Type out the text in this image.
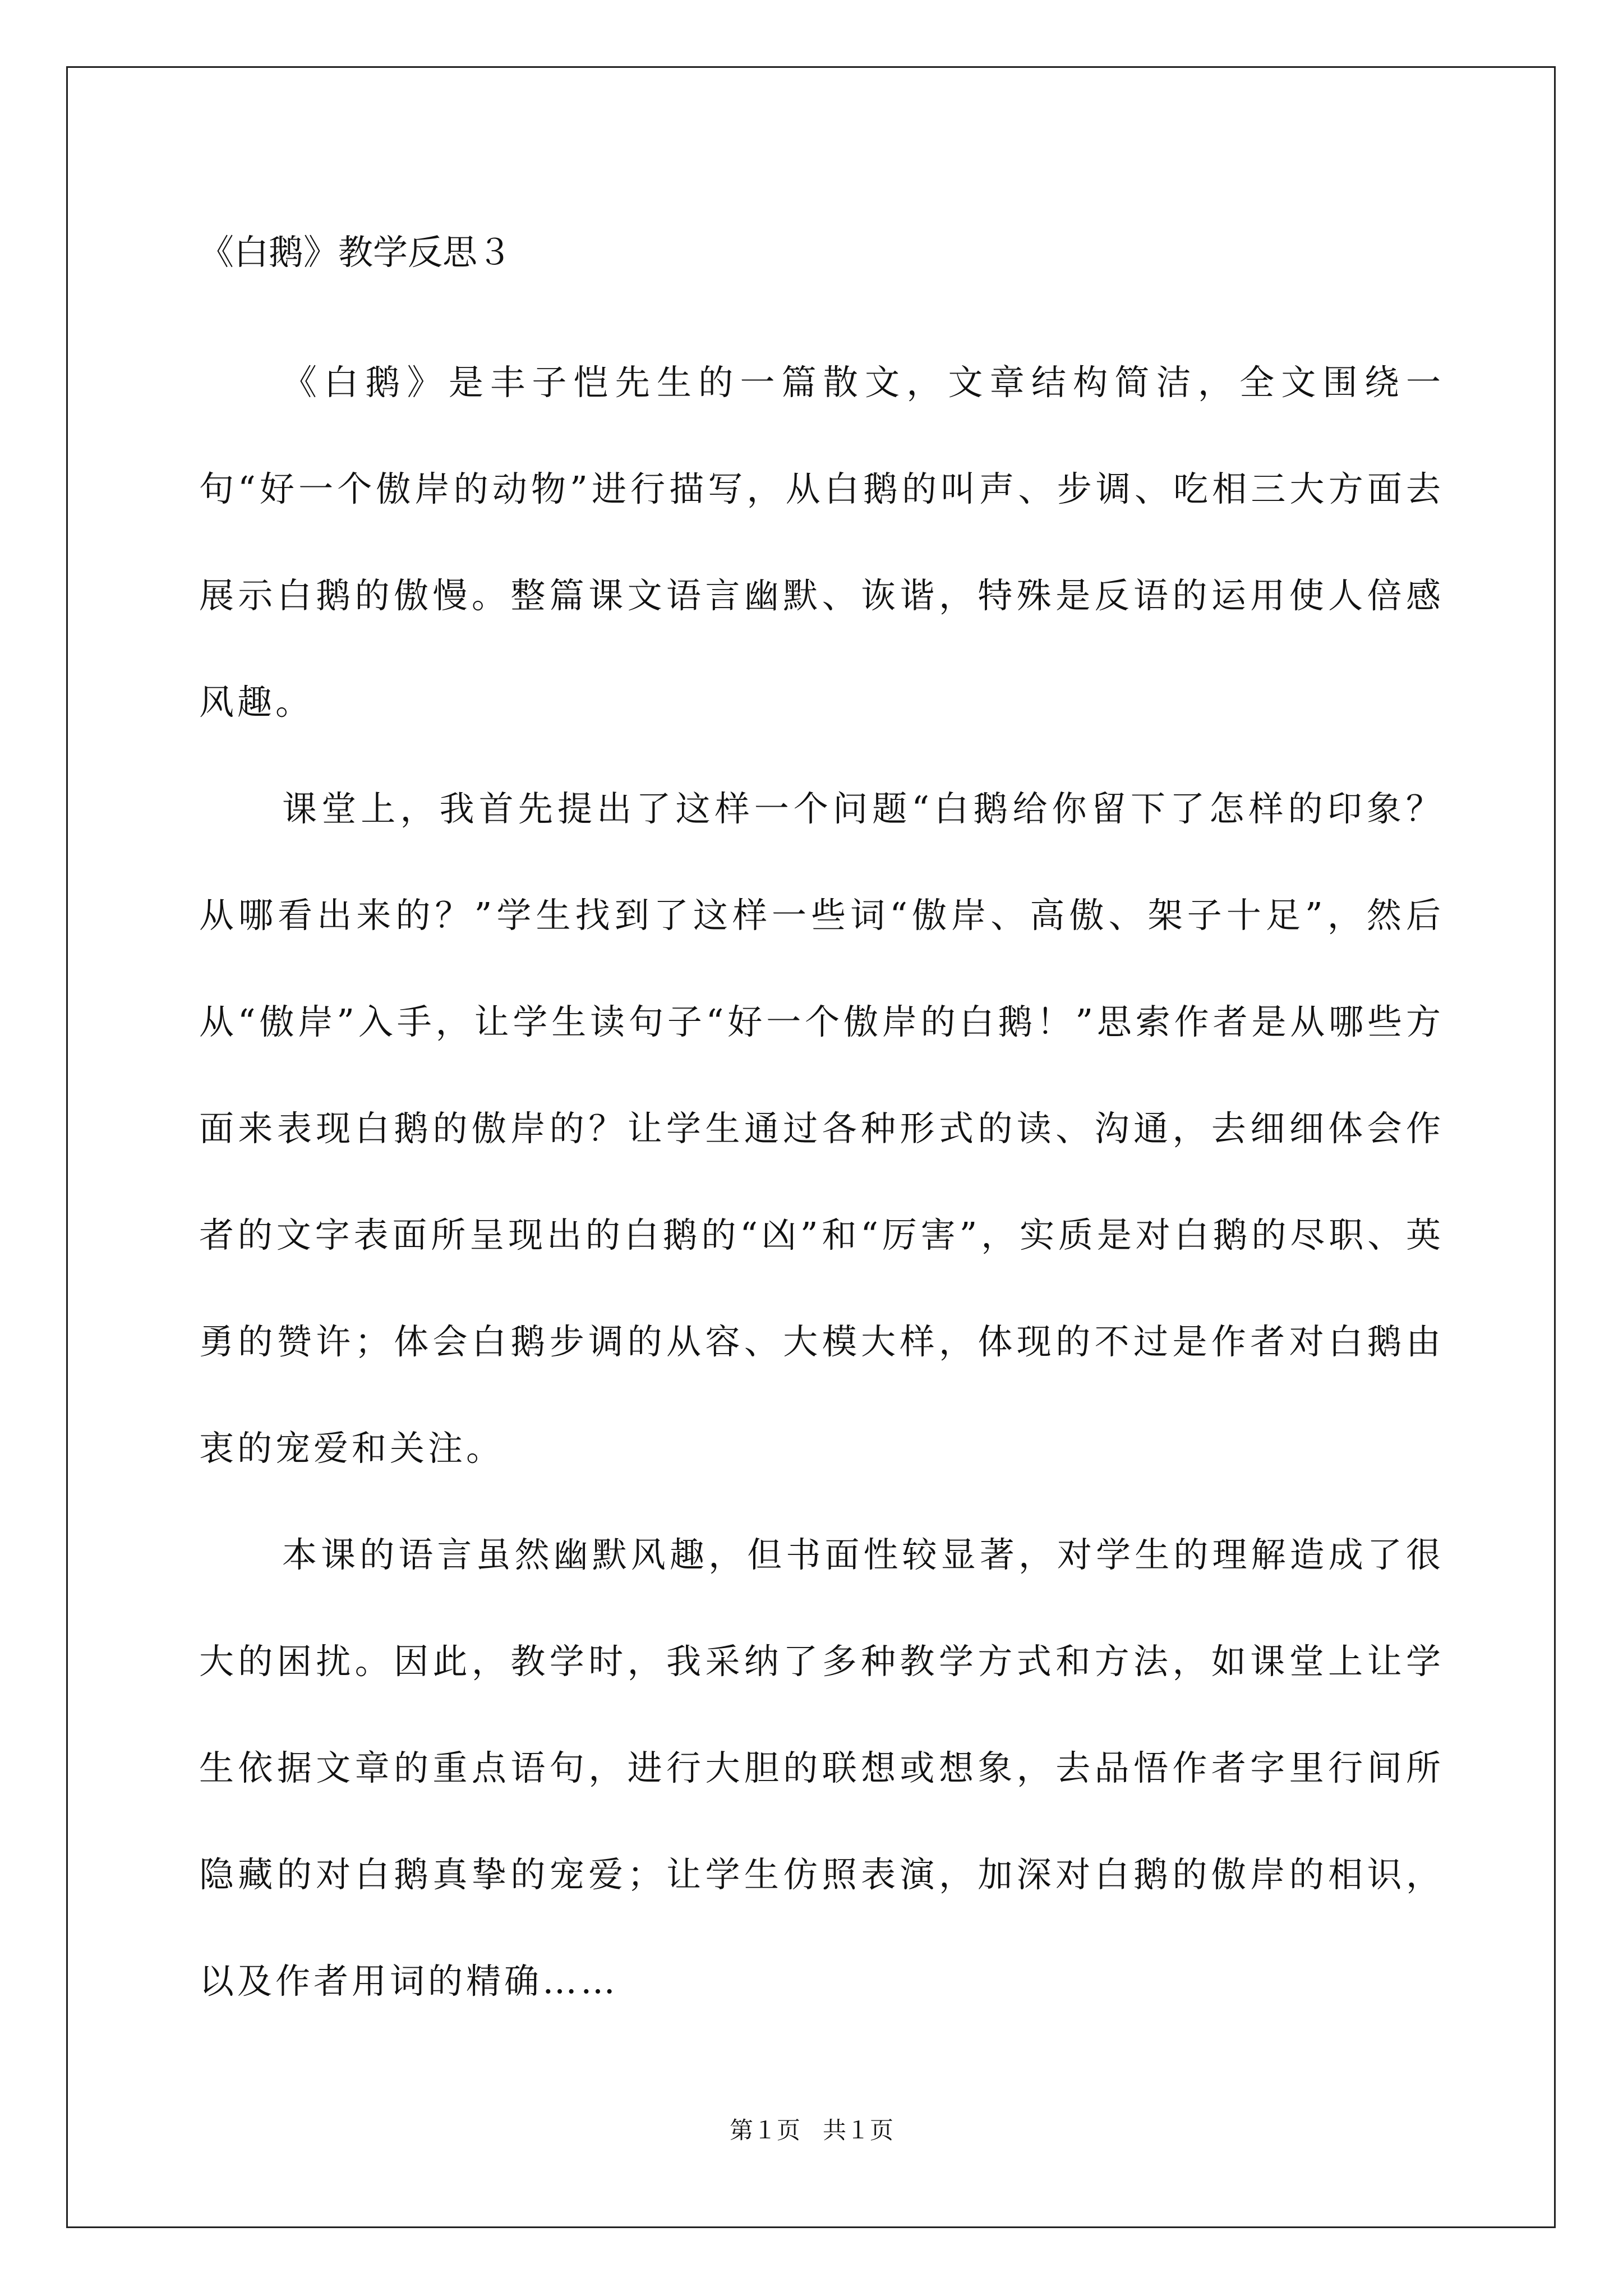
《白鹅》教学反思３

《白鹅》是丰子恺先生的一篇散文，文章结构简洁，全文围绕一句“好一个傲岸的动物”进行描写，从白鹅的叫声、步调、吃相三大方面去展示白鹅的傲慢。整篇课文语言幽默、诙谐，特殊是反语的运用使人倍感风趣。

课堂上，我首先提出了这样一个问题“白鹅给你留下了怎样的印象？从哪看出来的？”学生找到了这样一些词“傲岸、高傲、架子十足”，然后从“傲岸”入手，让学生读句子“好一个傲岸的白鹅！”思索作者是从哪些方面来表现白鹅的傲岸的？让学生通过各种形式的读、沟通，去细细体会作者的文字表面所呈现出的白鹅的“凶”和“厉害”，实质是对白鹅的尽职、英勇的赞许；体会白鹅步调的从容、大模大样，体现的不过是作者对白鹅由衷的宠爱和关注。

本课的语言虽然幽默风趣，但书面性较显著，对学生的理解造成了很大的困扰。因此，教学时，我采纳了多种教学方式和方法，如课堂上让学生依据文章的重点语句，进行大胆的联想或想象，去品悟作者字里行间所隐藏的对白鹅真挚的宠爱；让学生仿照表演，加深对白鹅的傲岸的相识，以及作者用词的精确……

第１页   共１页
